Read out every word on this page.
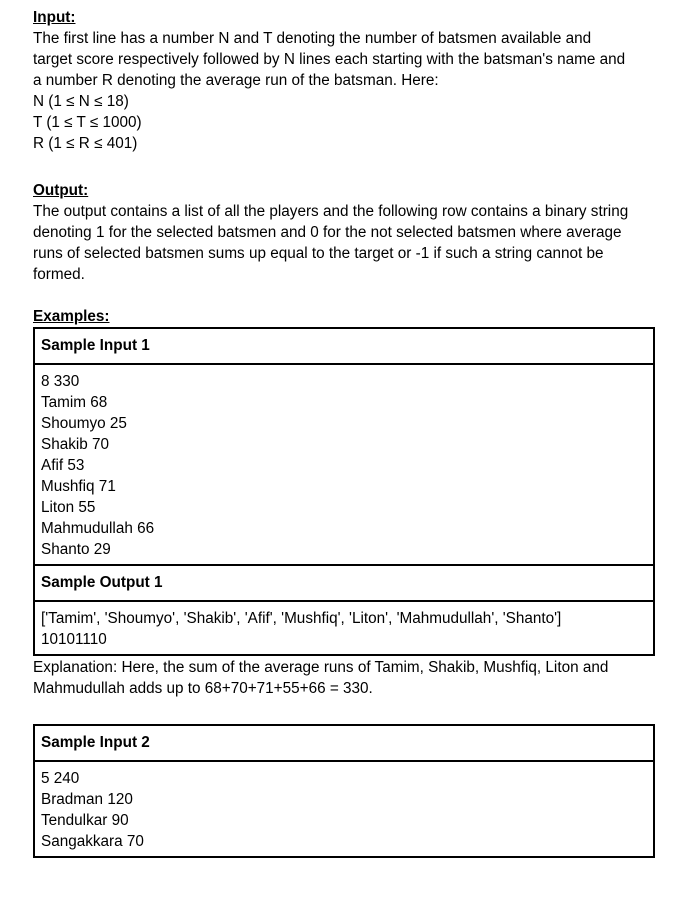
Input:
The first line has a number N and T denoting the number of batsmen available and
target score respectively followed by N lines each starting with the batsman's name and
a number R denoting the average run of the batsman. Here:
N (1 ≤ N ≤ 18)
T (1 ≤ T ≤ 1000)
R (1 ≤ R ≤ 401)
Output:
The output contains a list of all the players and the following row contains a binary string
denoting 1 for the selected batsmen and 0 for the not selected batsmen where average
runs of selected batsmen sums up equal to the target or -1 if such a string cannot be
formed.
Examples:
Sample Input 1
8 330
Tamim 68
Shoumyo 25
Shakib 70
Afif 53
Mushfiq 71
Liton 55
Mahmudullah 66
Shanto 29
Sample Output 1
['Tamim', 'Shoumyo', 'Shakib', 'Afif', 'Mushfiq', 'Liton', 'Mahmudullah', 'Shanto']
10101110
Explanation: Here, the sum of the average runs of Tamim, Shakib, Mushfiq, Liton and
Mahmudullah adds up to 68+70+71+55+66 = 330.
Sample Input 2
5 240
Bradman 120
Tendulkar 90
Sangakkara 70
